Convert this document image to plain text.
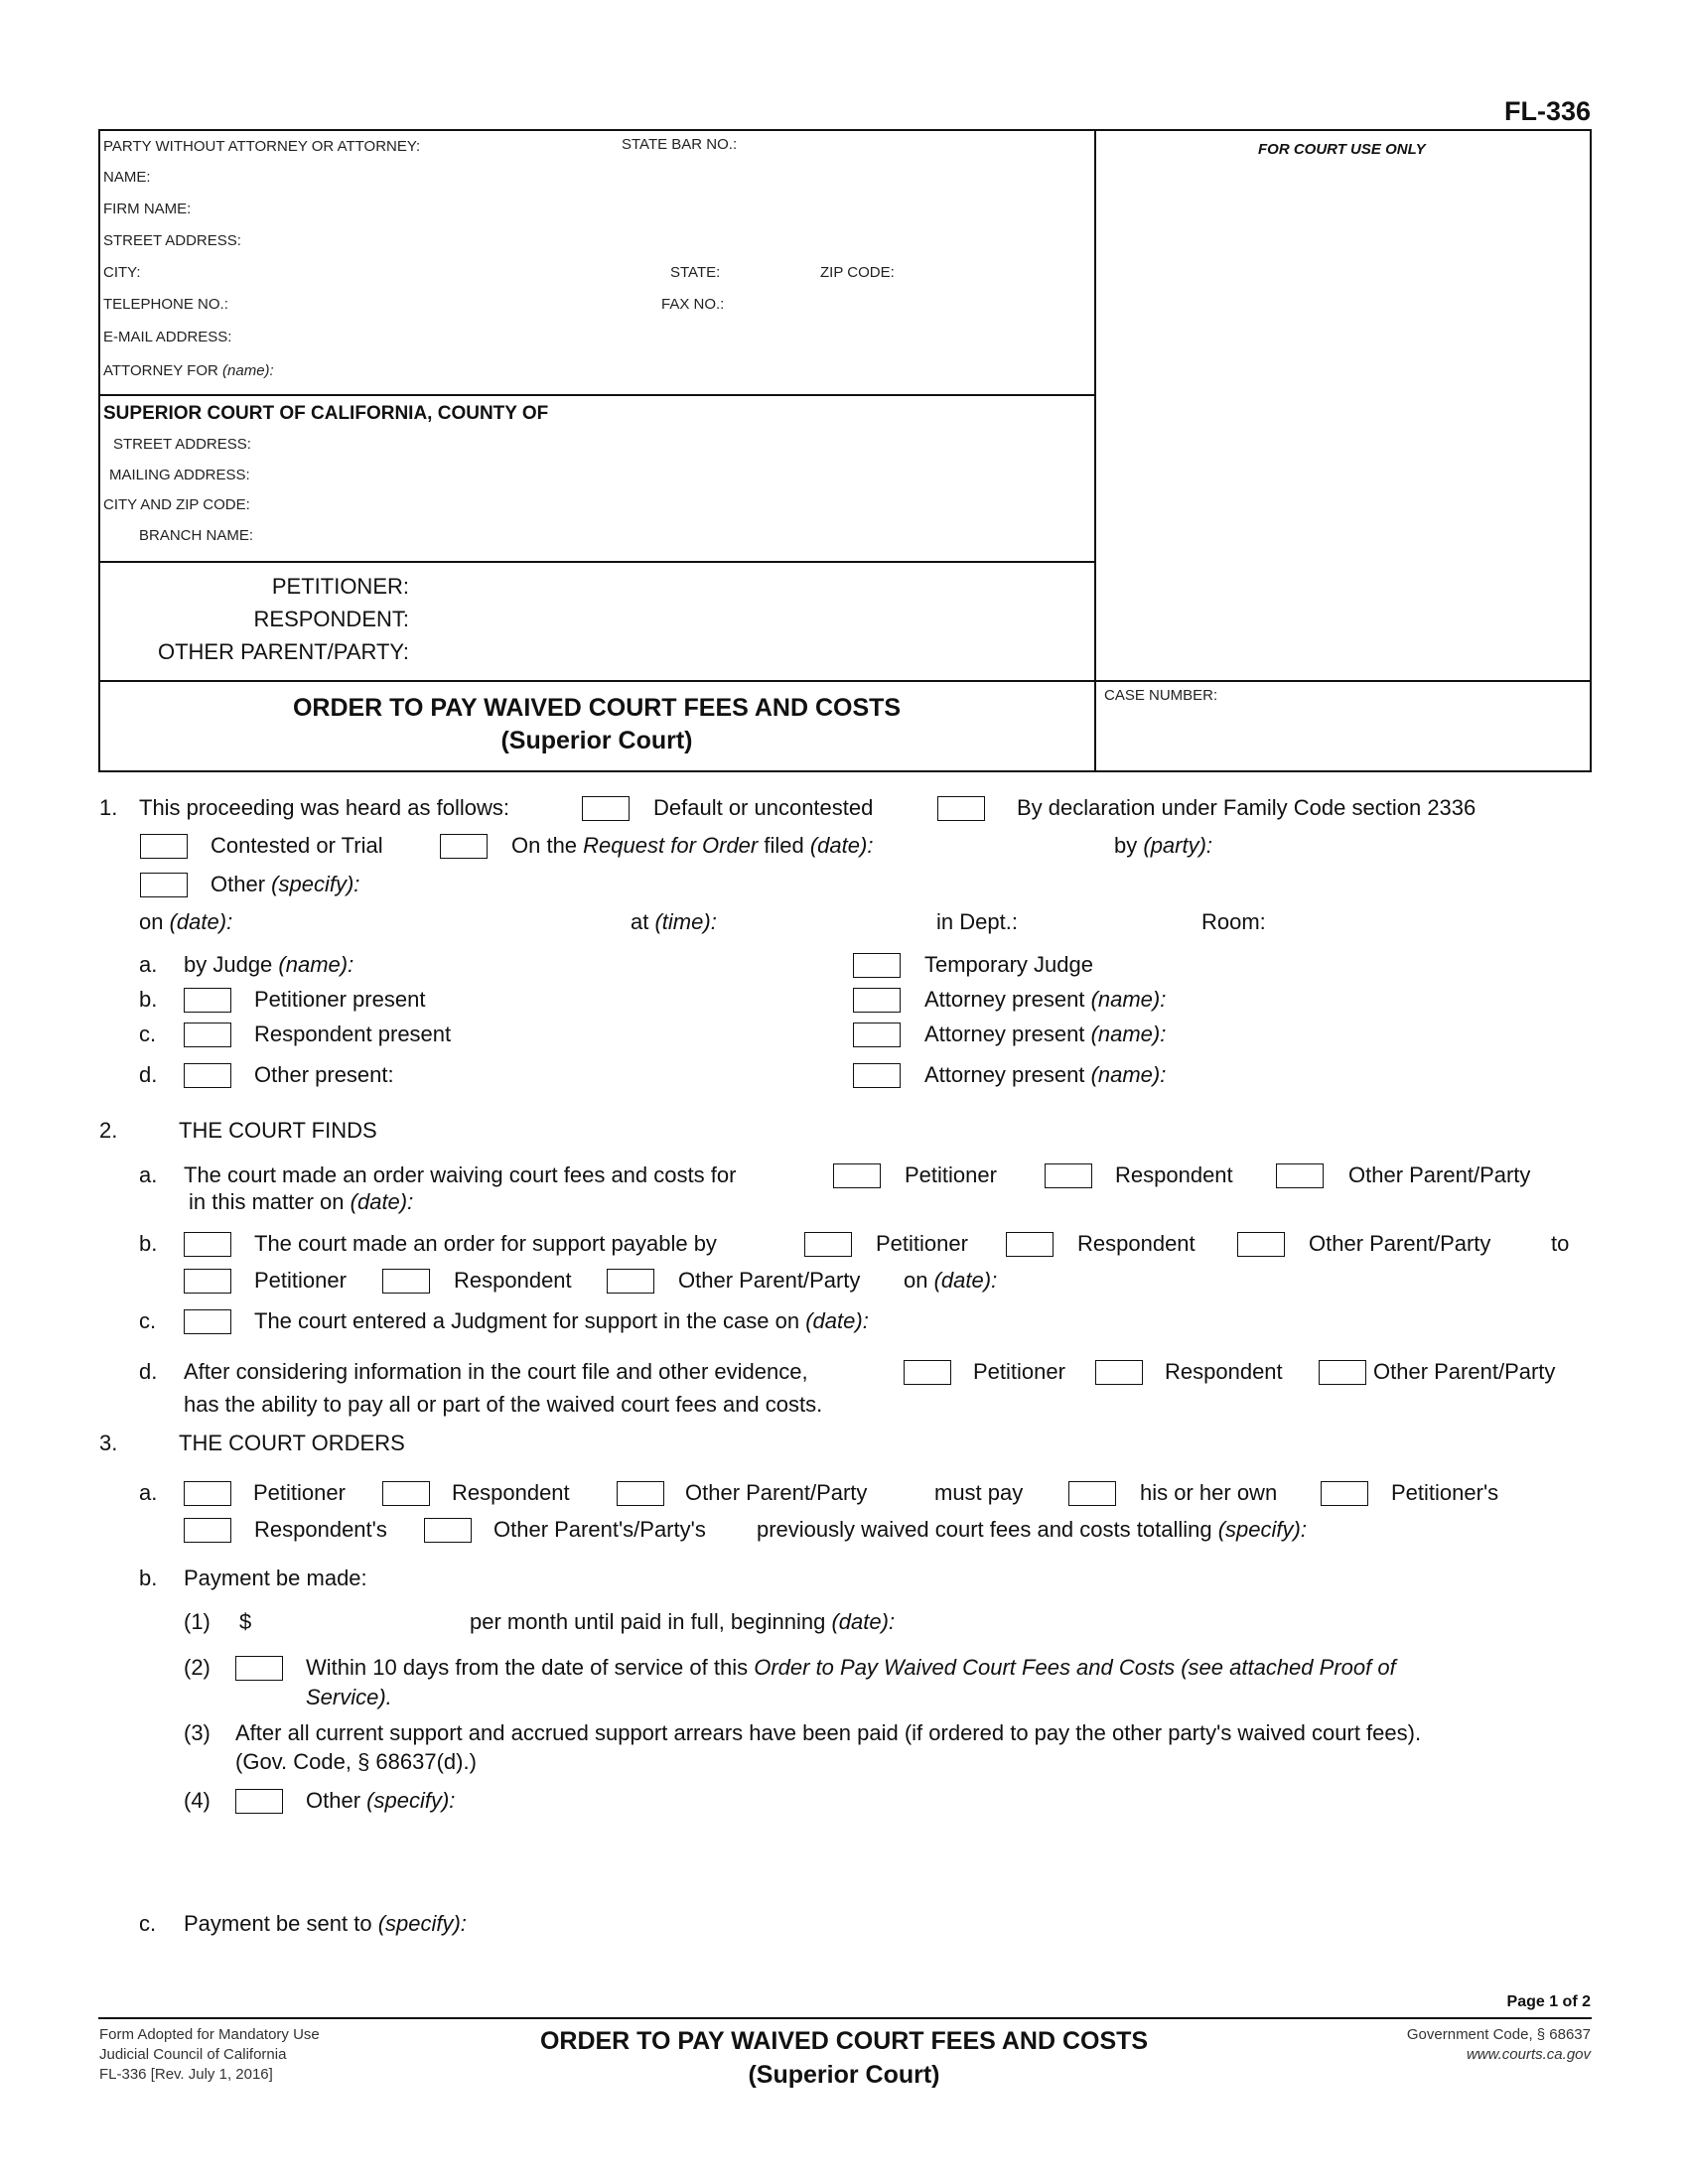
FL-336
PARTY WITHOUT ATTORNEY OR ATTORNEY:	STATE BAR NO.:
NAME:
FIRM NAME:
STREET ADDRESS:
CITY:	STATE:	ZIP CODE:
TELEPHONE NO.:	FAX NO.:
E-MAIL ADDRESS:
ATTORNEY FOR (name):
FOR COURT USE ONLY
SUPERIOR COURT OF CALIFORNIA, COUNTY OF
STREET ADDRESS:
MAILING ADDRESS:
CITY AND ZIP CODE:
BRANCH NAME:
PETITIONER:
RESPONDENT:
OTHER PARENT/PARTY:
ORDER TO PAY WAIVED COURT FEES AND COSTS
(Superior Court)
CASE NUMBER:
1. This proceeding was heard as follows:	Default or uncontested	By declaration under Family Code section 2336
Contested or Trial	On the Request for Order filed (date):	by (party):
Other (specify):
on (date):	at (time):	in Dept.:	Room:
a. by Judge (name):	Temporary Judge
b.	Petitioner present	Attorney present (name):
c.	Respondent present	Attorney present (name):
d.	Other present:	Attorney present (name):
2.	THE COURT FINDS
a. The court made an order waiving court fees and costs for	Petitioner	Respondent	Other Parent/Party
in this matter on (date):
b.	The court made an order for support payable by	Petitioner	Respondent	Other Parent/Party	to
Petitioner	Respondent	Other Parent/Party on (date):
c.	The court entered a Judgment for support in the case on (date):
d. After considering information in the court file and other evidence,	Petitioner	Respondent	Other Parent/Party
has the ability to pay all or part of the waived court fees and costs.
3.	THE COURT ORDERS
a.	Petitioner	Respondent	Other Parent/Party	must pay	his or her own	Petitioner's
Respondent's	Other Parent's/Party's previously waived court fees and costs totalling (specify):
b. Payment be made:
(1) $	per month until paid in full, beginning (date):
(2)	Within 10 days from the date of service of this Order to Pay Waived Court Fees and Costs (see attached Proof of
Service).
(3) After all current support and accrued support arrears have been paid (if ordered to pay the other party's waived court fees).
(Gov. Code, § 68637(d).)
(4)	Other (specify):
c. Payment be sent to (specify):
Page 1 of 2
Form Adopted for Mandatory Use
Judicial Council of California
FL-336 [Rev. July 1, 2016]
ORDER TO PAY WAIVED COURT FEES AND COSTS
(Superior Court)
Government Code, § 68637
www.courts.ca.gov
